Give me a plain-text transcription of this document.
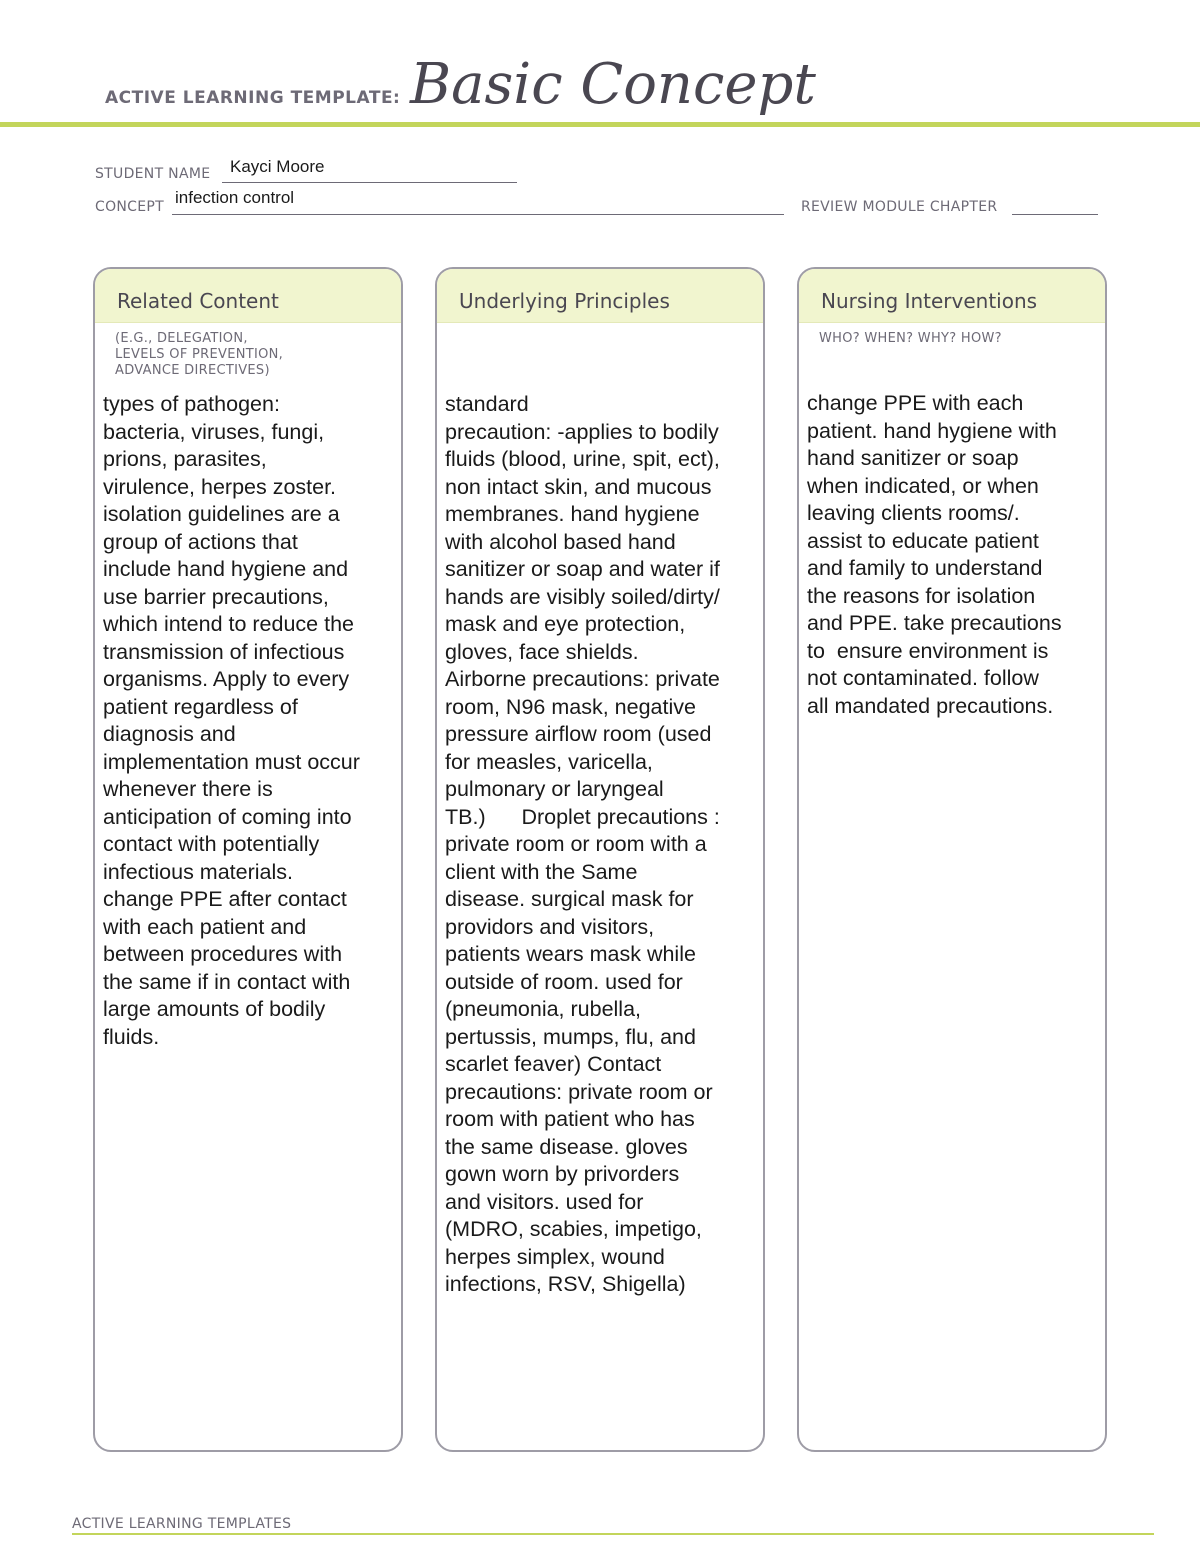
ACTIVE LEARNING TEMPLATE: Basic Concept
STUDENT NAME Kayci Moore
CONCEPT infection control	REVIEW MODULE CHAPTER
Related Content
(E.G., DELEGATION,
LEVELS OF PREVENTION,
ADVANCE DIRECTIVES)
types of pathogen:
bacteria, viruses, fungi,
prions, parasites,
virulence, herpes zoster.
isolation guidelines are a
group of actions that
include hand hygiene and
use barrier precautions,
which intend to reduce the
transmission of infectious
organisms. Apply to every
patient regardless of
diagnosis and
implementation must occur
whenever there is
anticipation of coming into
contact with potentially
infectious materials.
change PPE after contact
with each patient and
between procedures with
the same if in contact with
large amounts of bodily
fluids.
Underlying Principles
standard
precaution: -applies to bodily
fluids (blood, urine, spit, ect),
non intact skin, and mucous
membranes. hand hygiene
with alcohol based hand
sanitizer or soap and water if
hands are visibly soiled/dirty/
mask and eye protection,
gloves, face shields.
Airborne precautions: private
room, N96 mask, negative
pressure airflow room (used
for measles, varicella,
pulmonary or laryngeal
TB.)      Droplet precautions :
private room or room with a
client with the Same
disease. surgical mask for
providors and visitors,
patients wears mask while
outside of room. used for
(pneumonia, rubella,
pertussis, mumps, flu, and
scarlet feaver) Contact
precautions: private room or
room with patient who has
the same disease. gloves
gown worn by privorders
and visitors. used for
(MDRO, scabies, impetigo,
herpes simplex, wound
infections, RSV, Shigella)
Nursing Interventions
WHO? WHEN? WHY? HOW?
change PPE with each
patient. hand hygiene with
hand sanitizer or soap
when indicated, or when
leaving clients rooms/.
assist to educate patient
and family to understand
the reasons for isolation
and PPE. take precautions
to  ensure environment is
not contaminated. follow
all mandated precautions.
ACTIVE LEARNING TEMPLATES
